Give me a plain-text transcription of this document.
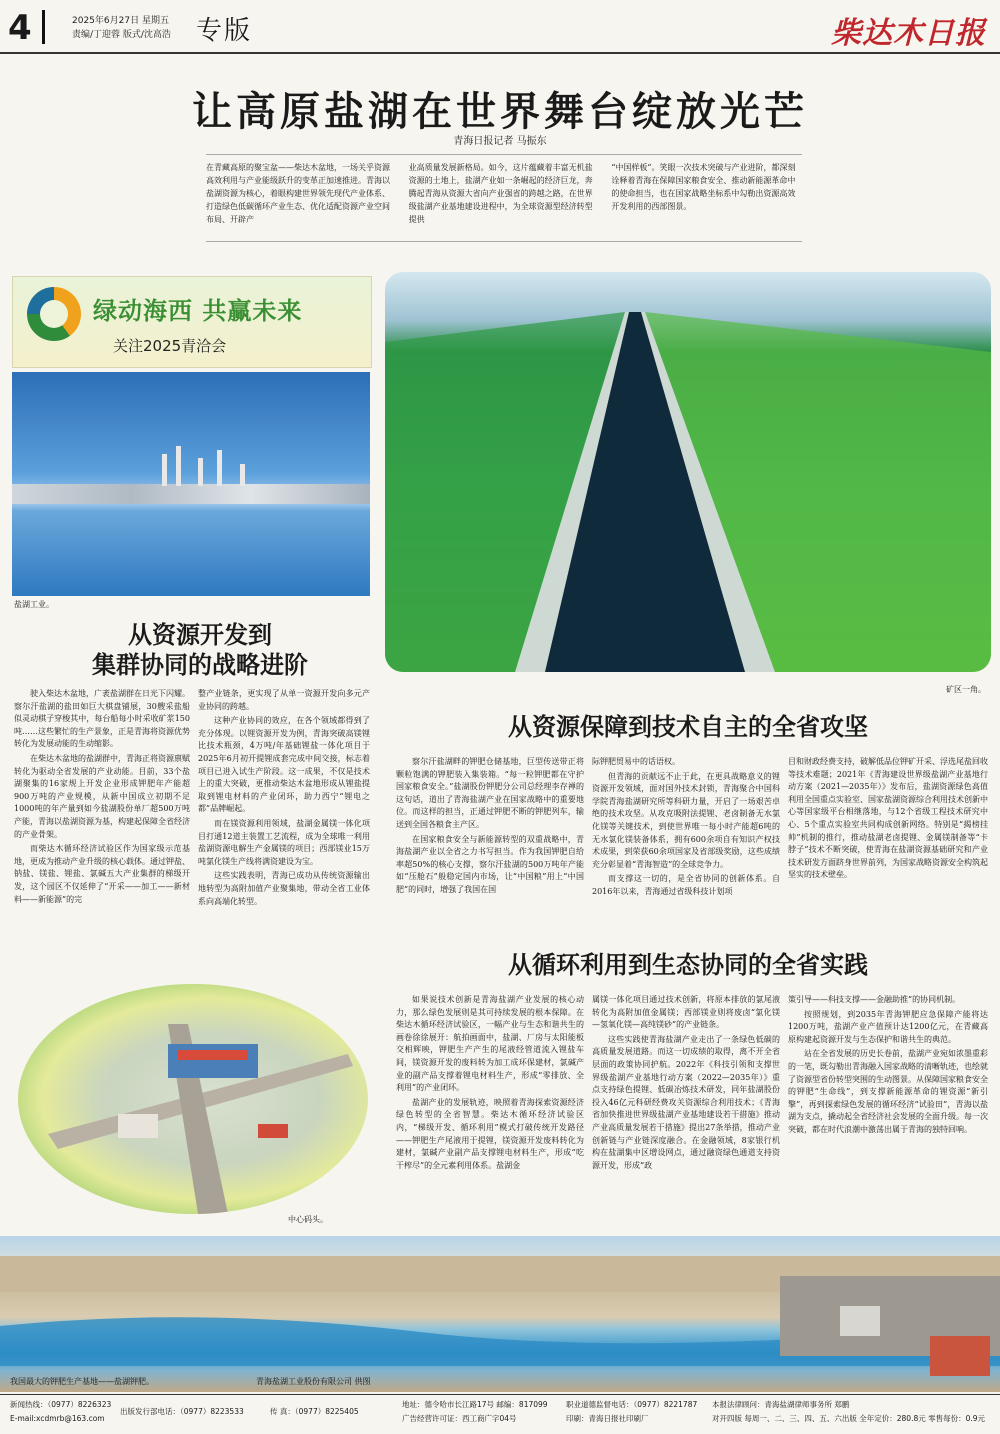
4	2025年6月27日 星期五
责编/丁迎蓉 版式/沈高浩 专版	柴达木日报
让高原盐湖在世界舞台绽放光芒
青海日报记者 马振东

在青藏高原的聚宝盆——柴达木盆地，一场关乎资源高效利用与产业能级跃升的变革正加速推进。青海以盐湖资源为核心，着眼构建世界领先现代产业体系、打造绿色低碳循环产业生态、优化适配资源产业空间布局、开辟产

业高质量发展新格局。如今，这片蕴藏着丰富无机盐资源的土地上，盐湖产业如一条崛起的经济巨龙，奔腾起青海从资源大省向产业强省的跨越之路，在世界级盐湖产业基地建设进程中，为全球资源型经济转型提供

“中国样板”。笑眼一次技术突破与产业进阶，都深刻诠释着青海在保障国家粮食安全、推动新能源革命中的使命担当，也在国家战略坐标系中勾勒出资源高效开发利用的西部图景。

绿动海西 共赢未来
关注2025青洽会
盐湖工业。
从资源开发到
集群协同的战略进阶

驶入柴达木盆地，广袤盐湖群在日光下闪耀。察尔汗盐湖的盐田如巨大棋盘铺展，30艘采盐船似灵动棋子穿梭其中，每台船每小时采收矿浆150吨……这些繁忙的生产景象，正是青海将资源优势转化为发展动能的生动缩影。

在柴达木盆地的盐湖群中，青海正将资源禀赋转化为驱动全省发展的产业动能。目前，33个盐湖聚集的16家规上开发企业形成钾肥年产能超900万吨的产业规模，从新中国成立初期不足1000吨的年产量到如今盐湖股份单厂超500万吨产能，青海以盐湖资源为基，构建起保障全省经济的产业骨架。

而柴达木循环经济试验区作为国家级示范基地，更成为推动产业升级的核心载体。通过钾盐、钠盐、镁盐、锂盐、氯碱五大产业集群的梯级开发，这个园区不仅延伸了“开采——加工——新材料——新能源”的完

整产业链条，更实现了从单一资源开发向多元产业协同的跨越。

这种产业协同的效应，在各个领域都得到了充分体现。以锂资源开发为例，青海突破高镁锂比技术瓶颈，4万吨/年基础锂盐一体化项目于2025年6月初开提锂成套完成中间交接，标志着项目已进入试生产阶段。这一成果，不仅是技术上的重大突破，更推动柴达木盆地形成从锂盐提取到锂电材料的产业闭环，助力西宁“锂电之都”品牌崛起。

而在镁资源利用领域，盐湖金属镁一体化项目打通12道主装置工艺流程，成为全球唯一利用盐湖资源电解生产金属镁的项目；西部镁业15万吨氯化镁生产线将满资建设为宝。

这些实践表明，青海已成功从传统资源输出地转型为高附加值产业聚集地，带动全省工业体系向高端化转型。

矿区一角。
从资源保障到技术自主的全省攻坚

察尔汗盐湖畔的钾肥仓储基地，巨型传送带正将颗粒饱满的钾肥装入集装箱。“每一粒钾肥都在守护国家粮食安全。”盐湖股份钾肥分公司总经理李存禅的这句话，道出了青海盐湖产业在国家战略中的重要地位。而这样的担当，正通过钾肥不断的钾肥列车，输送到全国各粮食主产区。

在国家粮食安全与新能源转型的双重战略中，青海盐湖产业以全省之力书写担当。作为我国钾肥自给率超50%的核心支撑，察尔汗盐湖的500万吨年产能如“压舱石”般稳定国内市场，让“中国粮”用上“中国肥”的同时，增强了我国在国

际钾肥贸易中的话语权。

但青海的贡献远不止于此，在更具战略意义的锂资源开发领域，面对国外技术封锁，青海聚合中国科学院青海盐湖研究所等科研力量，开启了一场艰苦卓绝的技术攻坚。从攻克吸附法提锂、老卤制备无水氯化镁等关键技术，到使世界唯一每小时产能超6吨的无水氯化镁装备体系，拥有600余项自有知识产权技术成果，到荣获60余项国家及省部级奖励，这些成绩充分彰显着“青海智造”的全球竞争力。

而支撑这一切的，是全省协同的创新体系。自2016年以来，青海通过省级科技计划项

目和财政经费支持，破解低品位钾矿开采、浮选尾盐回收等技术难题；2021年《青海建设世界级盐湖产业基地行动方案（2021—2035年）》发布后，盐湖资源绿色高值利用全国重点实验室、国家盐湖资源综合利用技术创新中心等国家级平台相继落地，与12个省级工程技术研究中心、5个重点实验室共同构成创新网络。特别是“揭榜挂帅”机制的推行，推动盐湖老卤提锂、金属镁制备等“卡脖子”技术不断突破，使青海在盐湖资源基础研究和产业技术研发方面跻身世界前列，为国家战略资源安全构筑起坚实的技术壁垒。

从循环利用到生态协同的全省实践

如果说技术创新是青海盐湖产业发展的核心动力，那么绿色发展则是其可持续发展的根本保障。在柴达木循环经济试验区，一幅产业与生态和谐共生的画卷徐徐展开：航拍画面中，盐湖、厂房与太阳能板交相辉映，钾肥生产产生的尾液经管道流入锂盐车间，镁资源开发的废料转为加工成环保建材，氯碱产业的副产品支撑着锂电材料生产，形成“零排放、全利用”的产业闭环。

盐湖产业的发展轨迹，映照着青海探索资源经济绿色转型的全省智慧。柴达木循环经济试验区内，“梯级开发、循环利用”模式打破传统开发路径——钾肥生产尾液用于提锂，镁资源开发废料转化为建材，氯碱产业副产品支撑锂电材料生产，形成“吃干榨尽”的全元素利用体系。盐湖金

属镁一体化项目通过技术创新，将原本排放的氯尾液转化为高附加值金属镁；西部镁业则将废卤“氯化镁—氢氧化镁—高纯镁砂”的产业链条。

这些实践使青海盐湖产业走出了一条绿色低碳的高质量发展道路。而这一切成绩的取得，离不开全省层面的政策协同护航。2022年《科技引领和支撑世界级盐湖产业基地行动方案（2022—2035年）》重点支持绿色提锂、低碳冶炼技术研发，同年盐湖股份投入46亿元科研经费攻关资源综合利用技术；《青海省加快推进世界级盐湖产业基地建设若干措施》推动产业高质量发展若干措施》提出27条举措，推动产业创新链与产业链深度融合。在金融领域，8家银行机构在盐湖集中区增设网点，通过融资绿色通道支持资源开发，形成“政

策引导——科技支撑——金融助推”的协同机制。

按照规划，到2035年青海钾肥应急保障产能将达1200万吨，盐湖产业产值预计达1200亿元，在青藏高原构建起资源开发与生态保护和谐共生的典范。

站在全省发展的历史长卷前，盐湖产业宛如浓墨重彩的一笔，既勾勒出青海融入国家战略的清晰轨迹，也绘就了资源型省份转型突围的生动图景。从保障国家粮食安全的钾肥“生命线”，到支撑新能源革命的锂资源“新引擎”，再到探索绿色发展的循环经济“试验田”，青海以盐湖为支点，撬动起全省经济社会发展的全面升级。每一次突破，都在时代浪潮中激荡出属于青海的独特回响。

中心码头。
我国最大的钾肥生产基地——盐湖钾肥。	青海盐湖工业股份有限公司 供图
新闻热线：（0977）8226323
E-mail:xcdmrb@163.com
出版发行部电话：（0977）8223533	传 真：（0977）8225405
地址：德令哈市长江路17号 邮编：817099
广告经营许可证：西工商广字04号
职业道德监督电话：（0977）8221787
印刷：青海日报社印刷厂
本报法律顾问：青海盐湖律师事务所 郑鹏
对开四版 每周一、二、三、四、五、六出版 全年定价：280.8元 零售每份：0.9元
